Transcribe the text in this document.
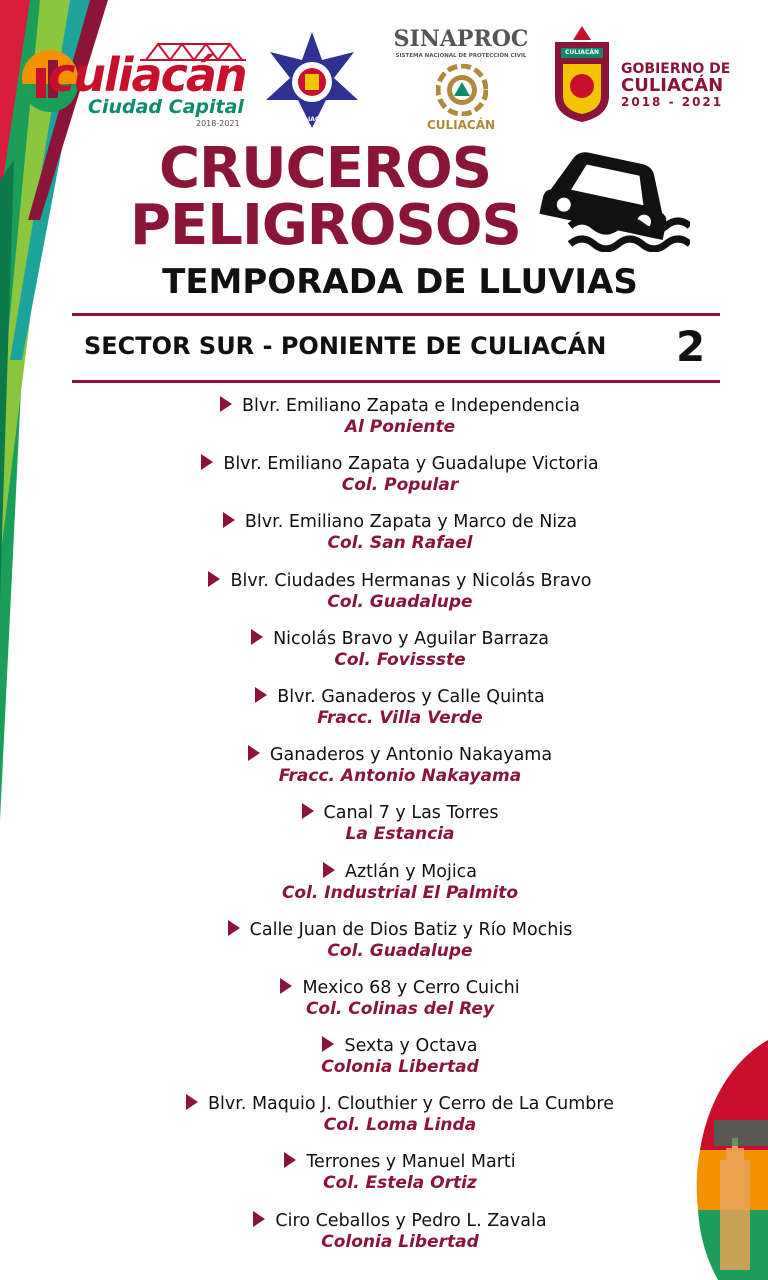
culiacán
Ciudad Capital
2018-2021	CULIACÁN
SINAPROC
SISTEMA NACIONAL DE PROTECCIÓN CIVIL
CULIACÁN
CULIACÁN
GOBIERNO DE
CULIACÁN
2018 - 2021
CRUCEROS
PELIGROSOS
TEMPORADA DE LLUVIAS
SECTOR SUR - PONIENTE DE CULIACÁN 2
Blvr. Emiliano Zapata e Independencia
Al Poniente
Blvr. Emiliano Zapata y Guadalupe Victoria
Col. Popular
Blvr. Emiliano Zapata y Marco de Niza
Col. San Rafael
Blvr. Ciudades Hermanas y Nicolás Bravo
Col. Guadalupe
Nicolás Bravo y Aguilar Barraza
Col. Fovissste
Blvr. Ganaderos y Calle Quinta
Fracc. Villa Verde
Ganaderos y Antonio Nakayama
Fracc. Antonio Nakayama
Canal 7 y Las Torres
La Estancia
Aztlán y Mojica
Col. Industrial El Palmito
Calle Juan de Dios Batiz y Río Mochis
Col. Guadalupe
Mexico 68 y Cerro Cuichi
Col. Colinas del Rey
Sexta y Octava
Colonia Libertad
Blvr. Maquio J. Clouthier y Cerro de La Cumbre
Col. Loma Linda
Terrones y Manuel Marti
Col. Estela Ortiz
Ciro Ceballos y Pedro L. Zavala
Colonia Libertad
